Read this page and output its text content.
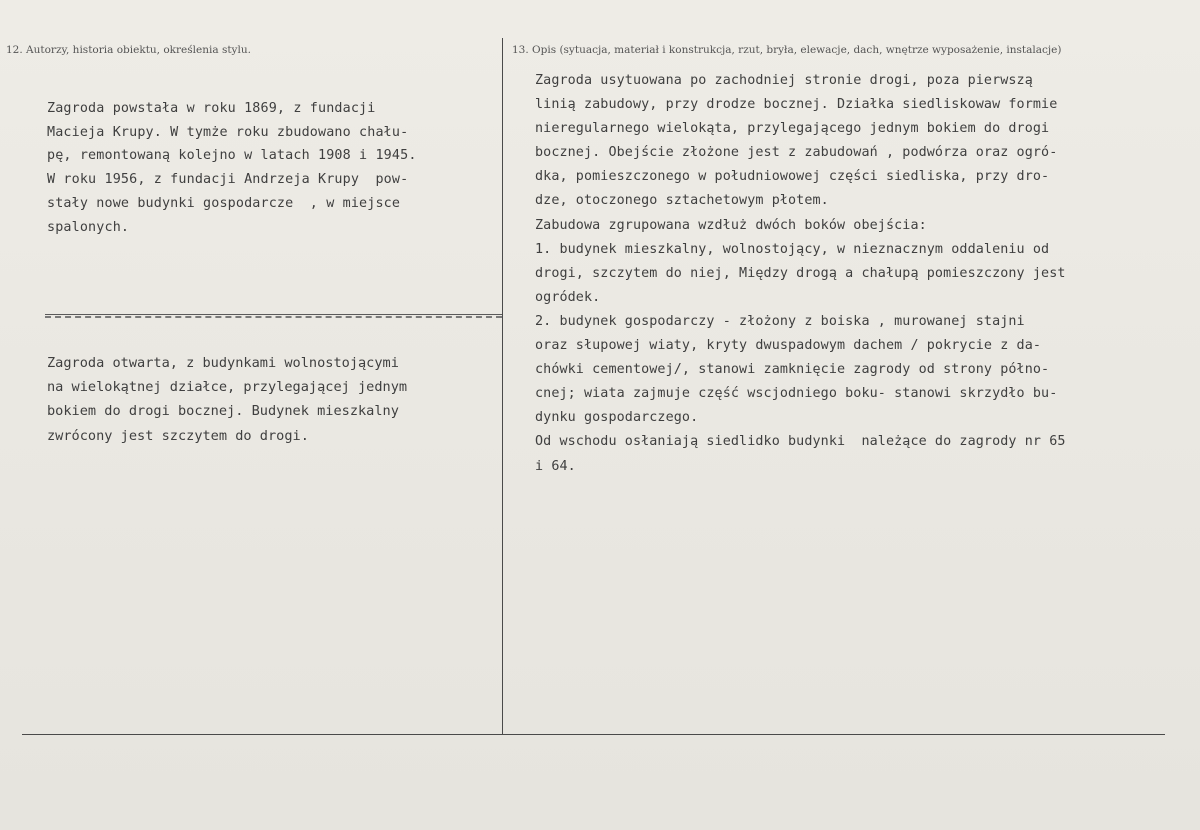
12. Autorzy, historia obiektu, określenia stylu.	13. Opis (sytuacja, materiał i konstrukcja, rzut, bryła, elewacje, dach, wnętrze wyposażenie, instalacje)
Zagroda powstała w roku 1869, z fundacji
Macieja Krupy. W tymże roku zbudowano chału-
pę, remontowaną kolejno w latach 1908 i 1945.
W roku 1956, z fundacji Andrzeja Krupy  pow-
stały nowe budynki gospodarcze  , w miejsce
spalonych.
Zagroda otwarta, z budynkami wolnostojącymi
na wielokątnej działce, przylegającej jednym
bokiem do drogi bocznej. Budynek mieszkalny
zwrócony jest szczytem do drogi.
Zagroda usytuowana po zachodniej stronie drogi, poza pierwszą
linią zabudowy, przy drodze bocznej. Działka siedliskowaw formie
nieregularnego wielokąta, przylegającego jednym bokiem do drogi
bocznej. Obejście złożone jest z zabudowań , podwórza oraz ogró-
dka, pomieszczonego w południowowej części siedliska, przy dro-
dze, otoczonego sztachetowym płotem.
Zabudowa zgrupowana wzdłuż dwóch boków obejścia:
1. budynek mieszkalny, wolnostojący, w nieznacznym oddaleniu od
drogi, szczytem do niej, Między drogą a chałupą pomieszczony jest
ogródek.
2. budynek gospodarczy - złożony z boiska , murowanej stajni
oraz słupowej wiaty, kryty dwuspadowym dachem / pokrycie z da-
chówki cementowej/, stanowi zamknięcie zagrody od strony półno-
cnej; wiata zajmuje część wscjodniego boku- stanowi skrzydło bu-
dynku gospodarczego.
Od wschodu osłaniają siedlidko budynki  należące do zagrody nr 65
i 64.
